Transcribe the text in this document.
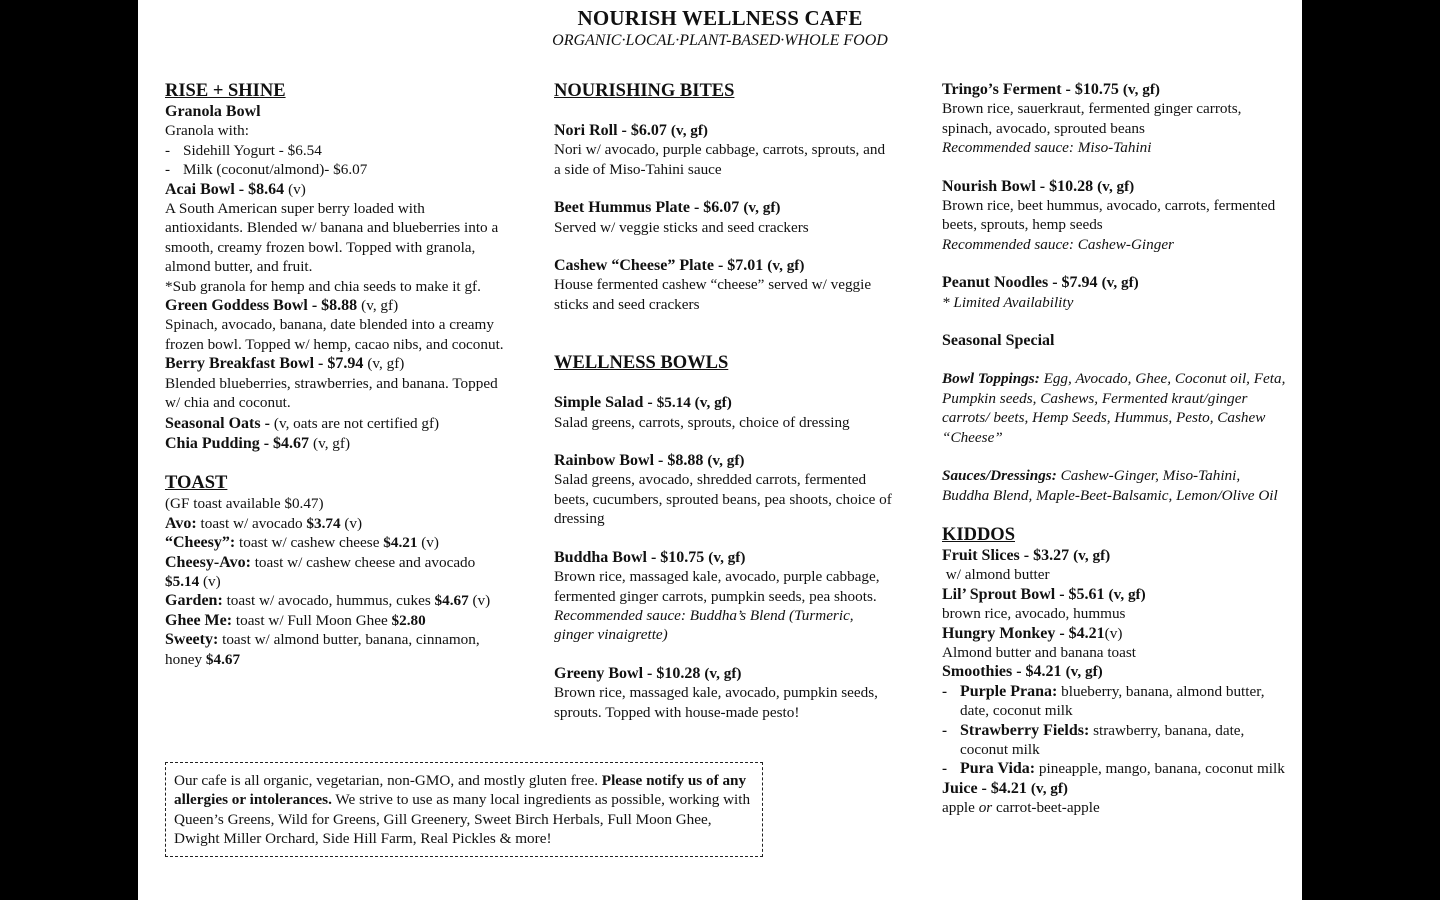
NOURISH WELLNESS CAFE
ORGANIC·LOCAL·PLANT-BASED·WHOLE FOOD
RISE + SHINE
Granola Bowl
Granola with:
- Sidehill Yogurt - $6.54
- Milk (coconut/almond)- $6.07
Acai Bowl - $8.64 (v)
A South American super berry loaded with antioxidants. Blended w/ banana and blueberries into a smooth, creamy frozen bowl. Topped with granola, almond butter, and fruit.
*Sub granola for hemp and chia seeds to make it gf.
Green Goddess Bowl - $8.88 (v, gf)
Spinach, avocado, banana, date blended into a creamy frozen bowl. Topped w/ hemp, cacao nibs, and coconut.
Berry Breakfast Bowl - $7.94 (v, gf)
Blended blueberries, strawberries, and banana. Topped w/ chia and coconut.
Seasonal Oats - (v, oats are not certified gf)
Chia Pudding - $4.67 (v, gf)
TOAST
(GF toast available $0.47)
Avo: toast w/ avocado $3.74 (v)
“Cheesy”: toast w/ cashew cheese $4.21 (v)
Cheesy-Avo: toast w/ cashew cheese and avocado $5.14 (v)
Garden: toast w/ avocado, hummus, cukes $4.67 (v)
Ghee Me: toast w/ Full Moon Ghee $2.80
Sweety: toast w/ almond butter, banana, cinnamon, honey $4.67
NOURISHING BITES
Nori Roll - $6.07 (v, gf)
Nori w/ avocado, purple cabbage, carrots, sprouts, and a side of Miso-Tahini sauce
Beet Hummus Plate - $6.07 (v, gf)
Served w/ veggie sticks and seed crackers
Cashew “Cheese” Plate - $7.01 (v, gf)
House fermented cashew “cheese” served w/ veggie sticks and seed crackers
WELLNESS BOWLS
Simple Salad - $5.14 (v, gf)
Salad greens, carrots, sprouts, choice of dressing
Rainbow Bowl - $8.88 (v, gf)
Salad greens, avocado, shredded carrots, fermented beets, cucumbers, sprouted beans, pea shoots, choice of dressing
Buddha Bowl - $10.75 (v, gf)
Brown rice, massaged kale, avocado, purple cabbage, fermented ginger carrots, pumpkin seeds, pea shoots. Recommended sauce: Buddha’s Blend (Turmeric, ginger vinaigrette)
Greeny Bowl - $10.28 (v, gf)
Brown rice, massaged kale, avocado, pumpkin seeds, sprouts. Topped with house-made pesto!
Tringo’s Ferment - $10.75 (v, gf)
Brown rice, sauerkraut, fermented ginger carrots, spinach, avocado, sprouted beans
Recommended sauce: Miso-Tahini
Nourish Bowl - $10.28 (v, gf)
Brown rice, beet hummus, avocado, carrots, fermented beets, sprouts, hemp seeds
Recommended sauce: Cashew-Ginger
Peanut Noodles - $7.94 (v, gf)
* Limited Availability
Seasonal Special
Bowl Toppings: Egg, Avocado, Ghee, Coconut oil, Feta, Pumpkin seeds, Cashews, Fermented kraut/ginger carrots/ beets, Hemp Seeds, Hummus, Pesto, Cashew “Cheese”
Sauces/Dressings: Cashew-Ginger, Miso-Tahini, Buddha Blend, Maple-Beet-Balsamic, Lemon/Olive Oil
KIDDOS
Fruit Slices - $3.27 (v, gf)
w/ almond butter
Lil’ Sprout Bowl - $5.61 (v, gf)
brown rice, avocado, hummus
Hungry Monkey - $4.21(v)
Almond butter and banana toast
Smoothies - $4.21 (v, gf)
- Purple Prana: blueberry, banana, almond butter, date, coconut milk
- Strawberry Fields: strawberry, banana, date, coconut milk
- Pura Vida: pineapple, mango, banana, coconut milk
Juice - $4.21 (v, gf)
apple or carrot-beet-apple
Our cafe is all organic, vegetarian, non-GMO, and mostly gluten free. Please notify us of any allergies or intolerances. We strive to use as many local ingredients as possible, working with Queen’s Greens, Wild for Greens, Gill Greenery, Sweet Birch Herbals, Full Moon Ghee, Dwight Miller Orchard, Side Hill Farm, Real Pickles & more!
